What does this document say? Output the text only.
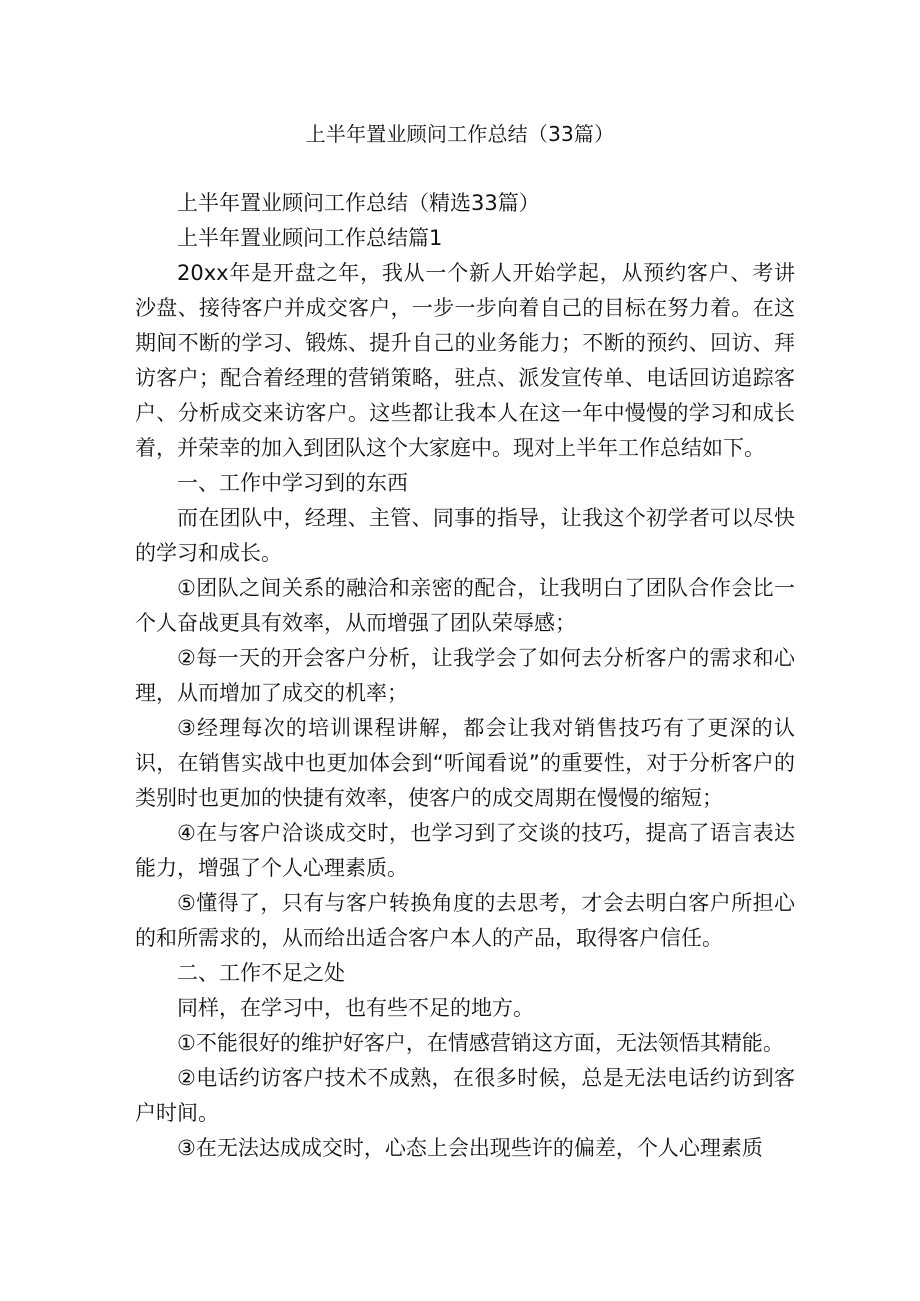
上半年置业顾问工作总结（33篇）

上半年置业顾问工作总结（精选33篇）

上半年置业顾问工作总结篇1

20xx年是开盘之年，我从一个新人开始学起，从预约客户、考讲沙盘、接待客户并成交客户，一步一步向着自己的目标在努力着。在这期间不断的学习、锻炼、提升自己的业务能力；不断的预约、回访、拜访客户；配合着经理的营销策略，驻点、派发宣传单、电话回访追踪客户、分析成交来访客户。这些都让我本人在这一年中慢慢的学习和成长着，并荣幸的加入到团队这个大家庭中。现对上半年工作总结如下。

一、工作中学习到的东西

而在团队中，经理、主管、同事的指导，让我这个初学者可以尽快的学习和成长。

①团队之间关系的融洽和亲密的配合，让我明白了团队合作会比一个人奋战更具有效率，从而增强了团队荣辱感；

②每一天的开会客户分析，让我学会了如何去分析客户的需求和心理，从而增加了成交的机率；

③经理每次的培训课程讲解，都会让我对销售技巧有了更深的认识，在销售实战中也更加体会到“听闻看说”的重要性，对于分析客户的类别时也更加的快捷有效率，使客户的成交周期在慢慢的缩短；

④在与客户洽谈成交时，也学习到了交谈的技巧，提高了语言表达能力，增强了个人心理素质。

⑤懂得了，只有与客户转换角度的去思考，才会去明白客户所担心的和所需求的，从而给出适合客户本人的产品，取得客户信任。

二、工作不足之处

同样，在学习中，也有些不足的地方。

①不能很好的维护好客户，在情感营销这方面，无法领悟其精能。

②电话约访客户技术不成熟，在很多时候，总是无法电话约访到客户时间。

③在无法达成成交时，心态上会出现些许的偏差，个人心理素质
